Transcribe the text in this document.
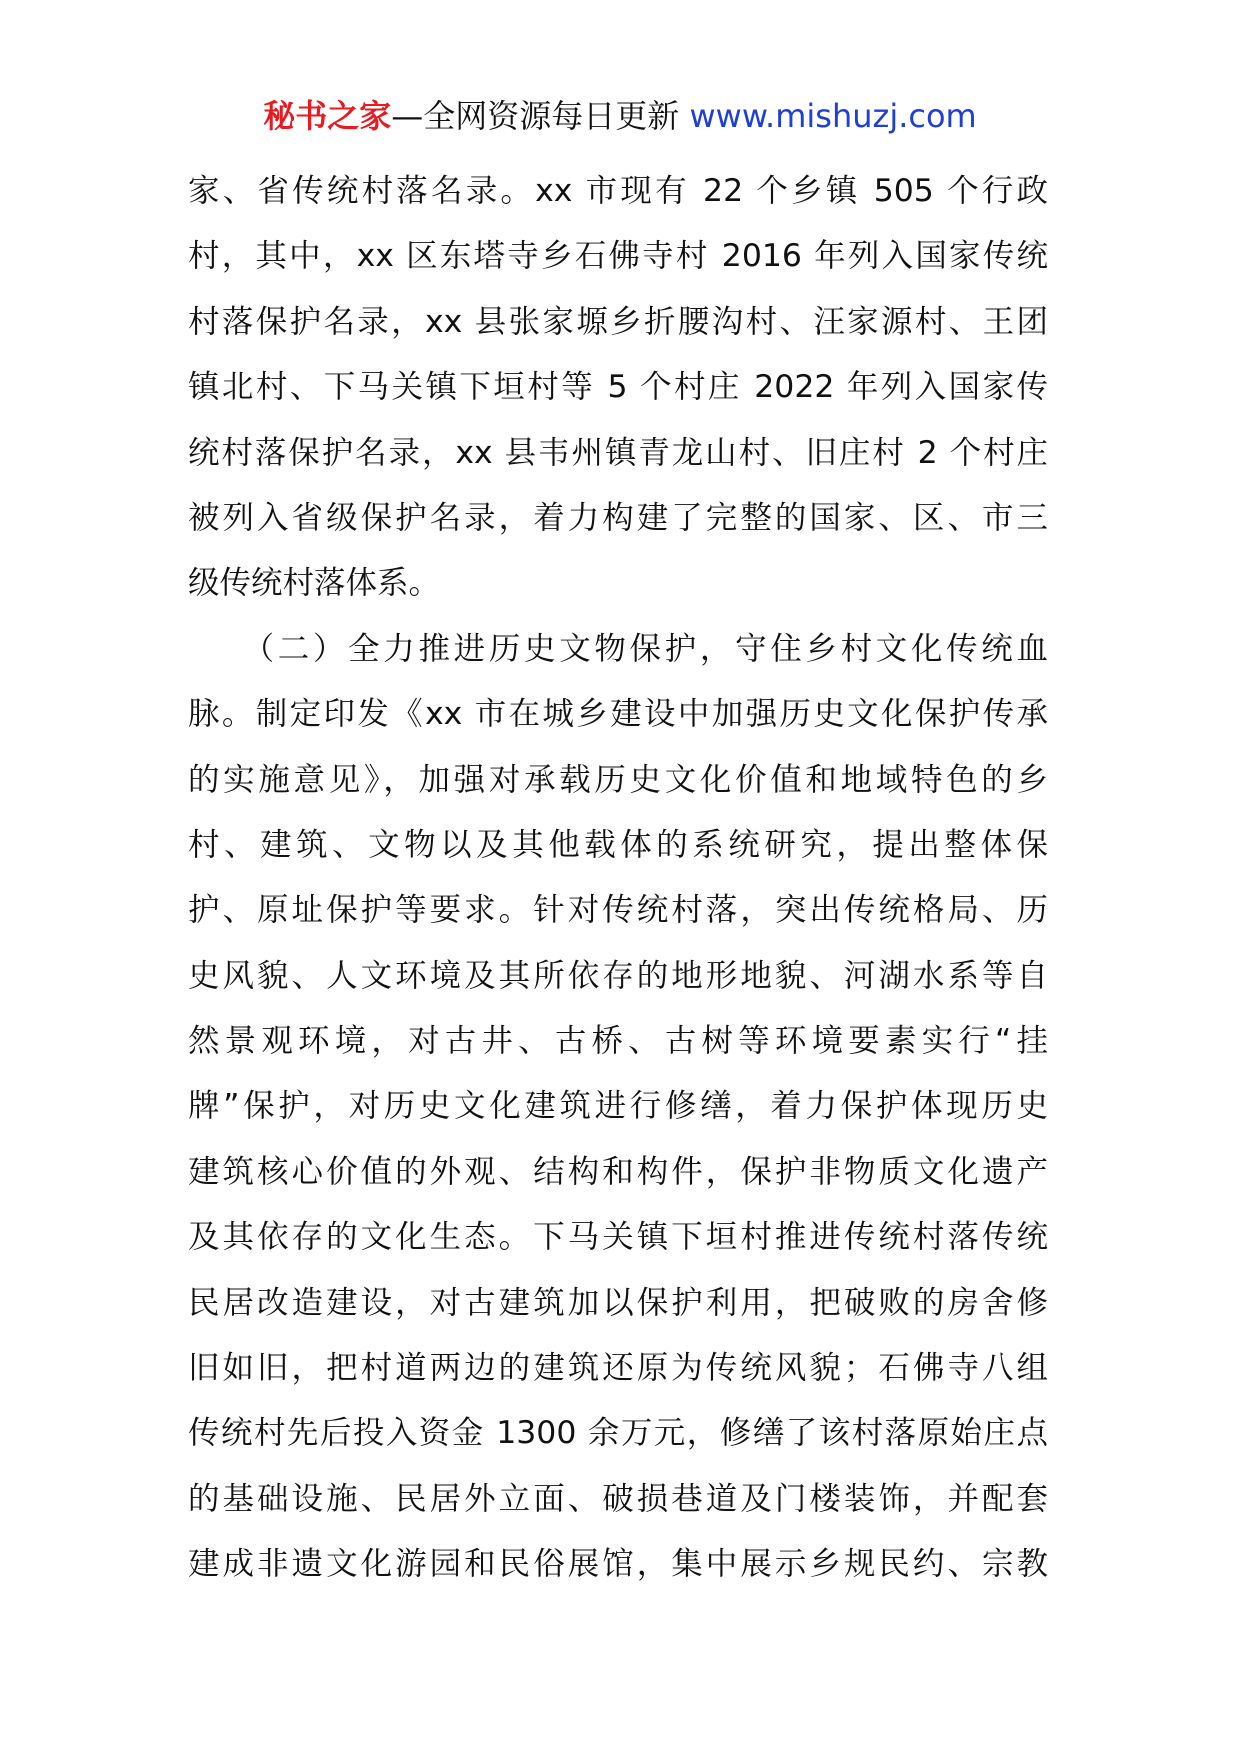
秘书之家—全网资源每日更新 www.mishuzj.com
家、省传统村落名录。xx 市现有 22 个乡镇 505 个行政
村，其中，xx 区东塔寺乡石佛寺村 2016 年列入国家传统
村落保护名录，xx 县张家塬乡折腰沟村、汪家源村、王团
镇北村、下马关镇下垣村等 5 个村庄 2022 年列入国家传
统村落保护名录，xx 县韦州镇青龙山村、旧庄村 2 个村庄
被列入省级保护名录，着力构建了完整的国家、区、市三
级传统村落体系。
　　（二）全力推进历史文物保护，守住乡村文化传统血
脉。制定印发《xx 市在城乡建设中加强历史文化保护传承
的实施意见》，加强对承载历史文化价值和地域特色的乡
村、建筑、文物以及其他载体的系统研究，提出整体保
护、原址保护等要求。针对传统村落，突出传统格局、历
史风貌、人文环境及其所依存的地形地貌、河湖水系等自
然景观环境，对古井、古桥、古树等环境要素实行“挂
牌”保护，对历史文化建筑进行修缮，着力保护体现历史
建筑核心价值的外观、结构和构件，保护非物质文化遗产
及其依存的文化生态。下马关镇下垣村推进传统村落传统
民居改造建设，对古建筑加以保护利用，把破败的房舍修
旧如旧，把村道两边的建筑还原为传统风貌；石佛寺八组
传统村先后投入资金 1300 余万元，修缮了该村落原始庄点
的基础设施、民居外立面、破损巷道及门楼装饰，并配套
建成非遗文化游园和民俗展馆，集中展示乡规民约、宗教
